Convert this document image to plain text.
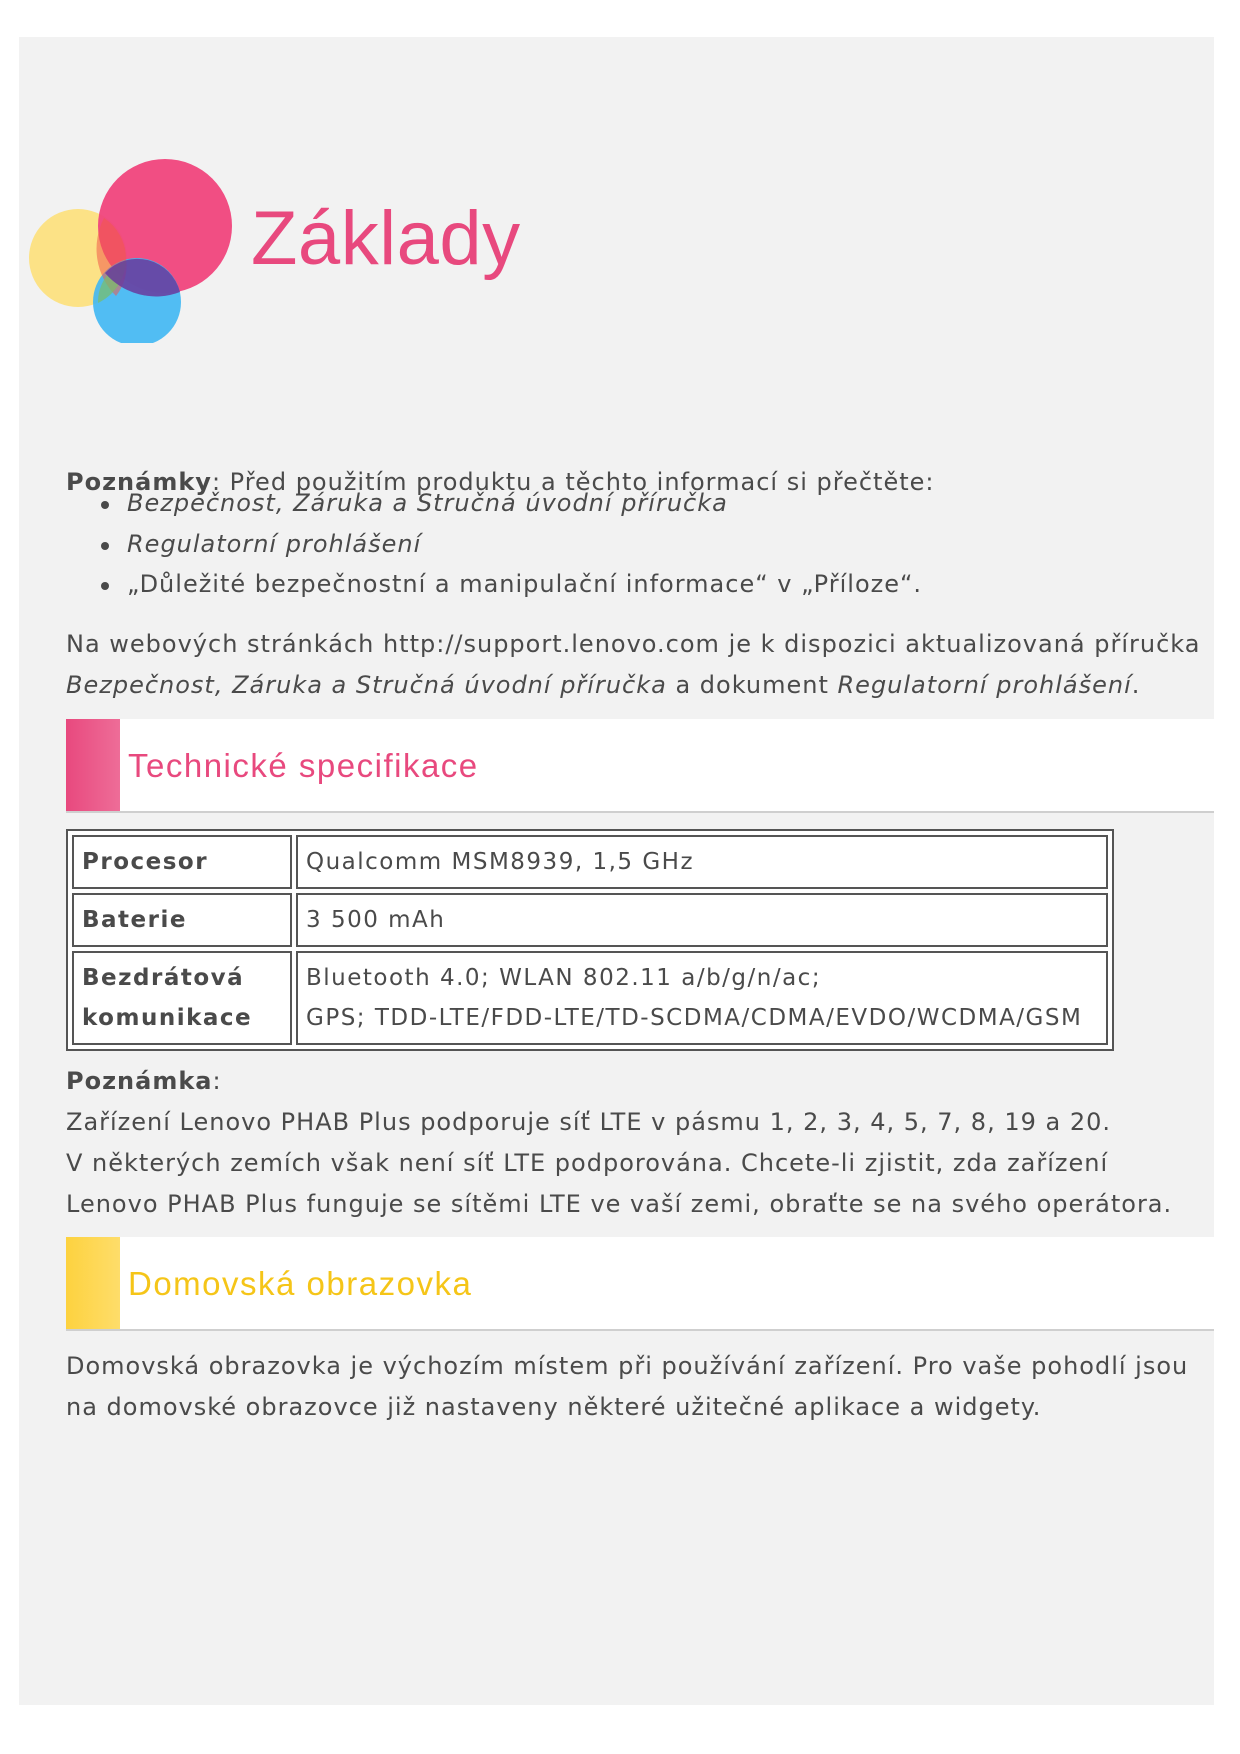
Základy
Poznámky: Před použitím produktu a těchto informací si přečtěte:
Bezpečnost, Záruka a Stručná úvodní příručka
Regulatorní prohlášení
„Důležité bezpečnostní a manipulační informace“ v „Příloze“.
Na webových stránkách http://support.lenovo.com je k dispozici aktualizovaná příručka
Bezpečnost, Záruka a Stručná úvodní příručka a dokument Regulatorní prohlášení.
Technické specifikace
Procesor	Qualcomm MSM8939, 1,5 GHz
Baterie	3 500 mAh
Bezdrátová
komunikace	Bluetooth 4.0; WLAN 802.11 a/b/g/n/ac;
GPS; TDD-LTE/FDD-LTE/TD-SCDMA/CDMA/EVDO/WCDMA/GSM
Poznámka:
Zařízení Lenovo PHAB Plus podporuje síť LTE v pásmu 1, 2, 3, 4, 5, 7, 8, 19 a 20.
V některých zemích však není síť LTE podporována. Chcete-li zjistit, zda zařízení
Lenovo PHAB Plus funguje se sítěmi LTE ve vaší zemi, obraťte se na svého operátora.
Domovská obrazovka
Domovská obrazovka je výchozím místem při používání zařízení. Pro vaše pohodlí jsou
na domovské obrazovce již nastaveny některé užitečné aplikace a widgety.
